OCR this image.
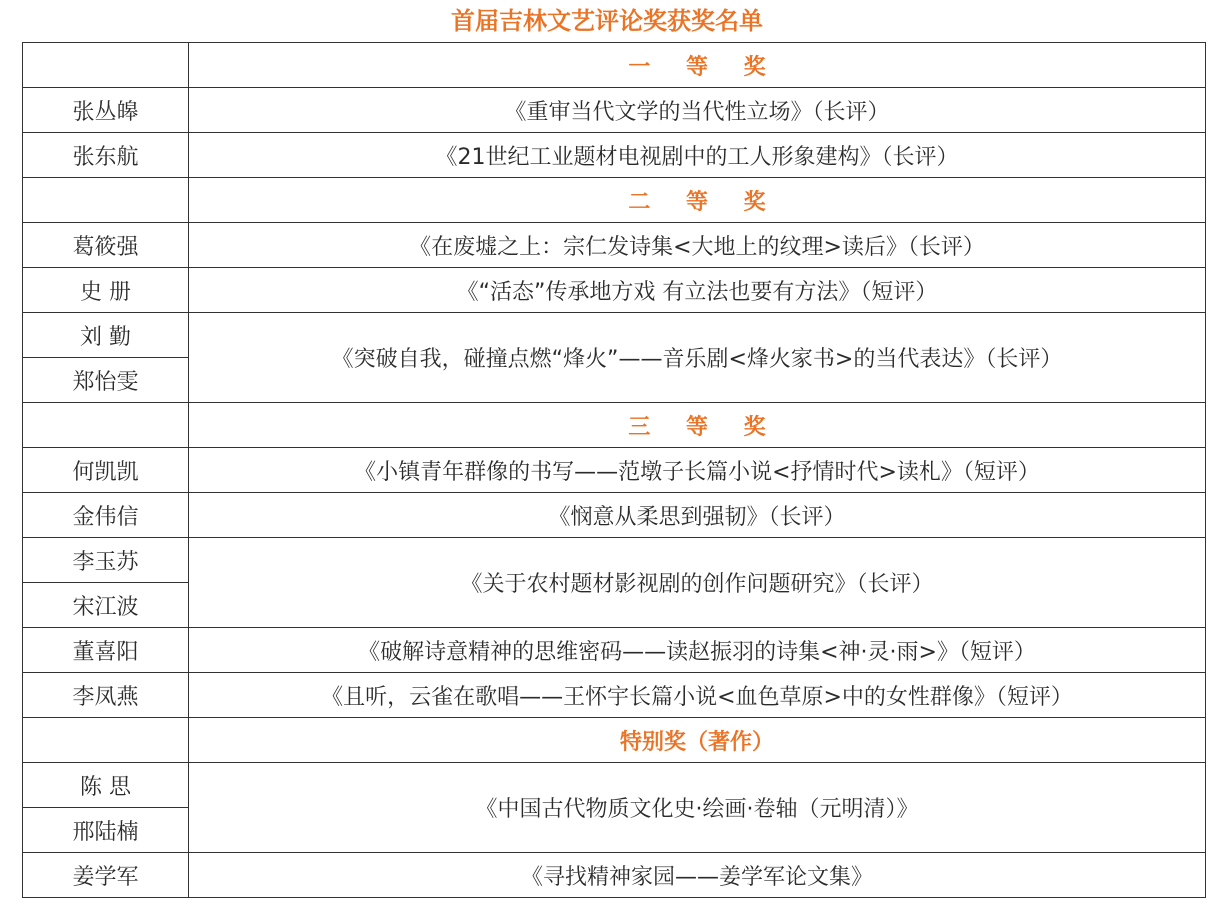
首届吉林文艺评论奖获奖名单
	一 等 奖
张丛皞	《重审当代文学的当代性立场》（长评）
张东航	《21世纪工业题材电视剧中的工人形象建构》（长评）
	二 等 奖
葛筱强	《在废墟之上：宗仁发诗集<大地上的纹理>读后》（长评）
史 册	《“活态”传承地方戏 有立法也要有方法》（短评）
刘 勤	《突破自我，碰撞点燃“烽火”——音乐剧<烽火家书>的当代表达》（长评）
郑怡雯	
	三 等 奖
何凯凯	《小镇青年群像的书写——范墩子长篇小说<抒情时代>读札》（短评）
金伟信	《悯意从柔思到强韧》（长评）
李玉苏	《关于农村题材影视剧的创作问题研究》（长评）
宋江波	
董喜阳	《破解诗意精神的思维密码——读赵振羽的诗集<神·灵·雨>》（短评）
李凤燕	《且听，云雀在歌唱——王怀宇长篇小说<血色草原>中的女性群像》（短评）
	特别奖（著作）
陈 思	《中国古代物质文化史·绘画·卷轴（元明清）》
邢陆楠	
姜学军	《寻找精神家园——姜学军论文集》
